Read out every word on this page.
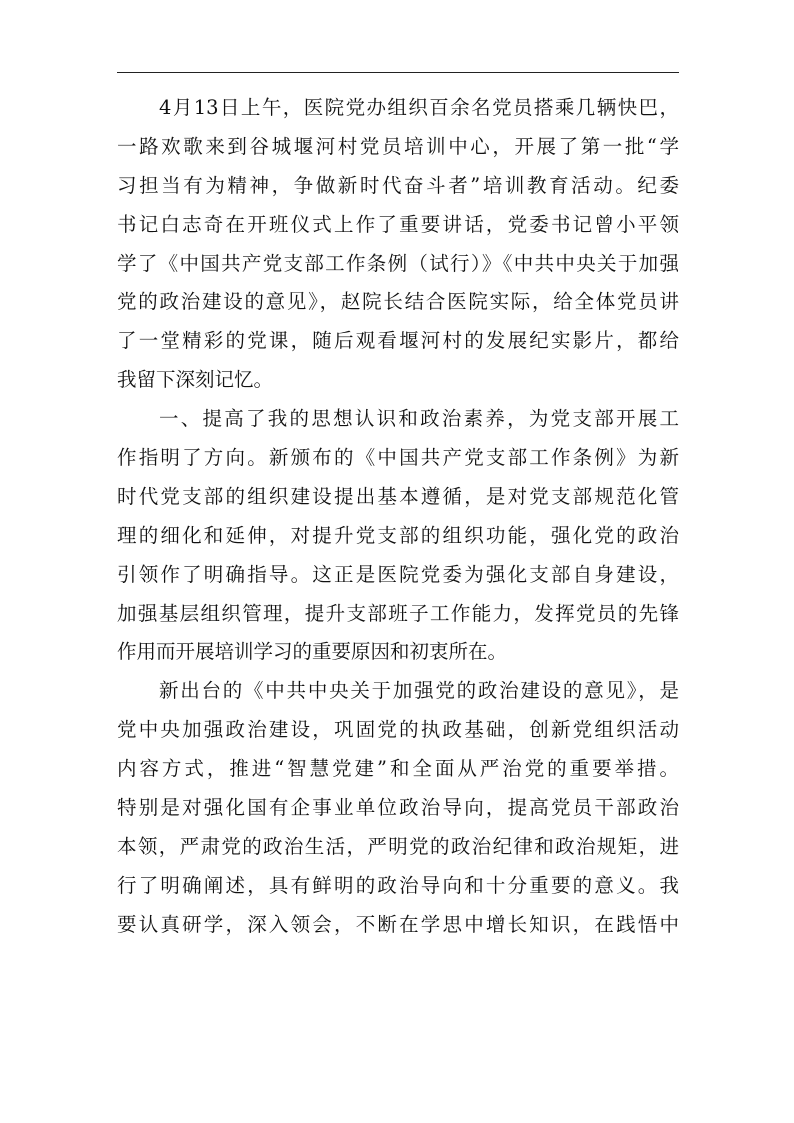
4月13日上午，医院党办组织百余名党员搭乘几辆快巴，
一路欢歌来到谷城堰河村党员培训中心，开展了第一批“学
习担当有为精神，争做新时代奋斗者”培训教育活动。纪委
书记白志奇在开班仪式上作了重要讲话，党委书记曾小平领
学了《中国共产党支部工作条例（试行）》《中共中央关于加强
党的政治建设的意见》，赵院长结合医院实际，给全体党员讲
了一堂精彩的党课，随后观看堰河村的发展纪实影片，都给
我留下深刻记忆。
一、提高了我的思想认识和政治素养，为党支部开展工
作指明了方向。新颁布的《中国共产党支部工作条例》为新
时代党支部的组织建设提出基本遵循，是对党支部规范化管
理的细化和延伸，对提升党支部的组织功能，强化党的政治
引领作了明确指导。这正是医院党委为强化支部自身建设，
加强基层组织管理，提升支部班子工作能力，发挥党员的先锋
作用而开展培训学习的重要原因和初衷所在。
新出台的《中共中央关于加强党的政治建设的意见》，是
党中央加强政治建设，巩固党的执政基础，创新党组织活动
内容方式，推进“智慧党建”和全面从严治党的重要举措。
特别是对强化国有企事业单位政治导向，提高党员干部政治
本领，严肃党的政治生活，严明党的政治纪律和政治规矩，进
行了明确阐述，具有鲜明的政治导向和十分重要的意义。我
要认真研学，深入领会，不断在学思中增长知识，在践悟中
